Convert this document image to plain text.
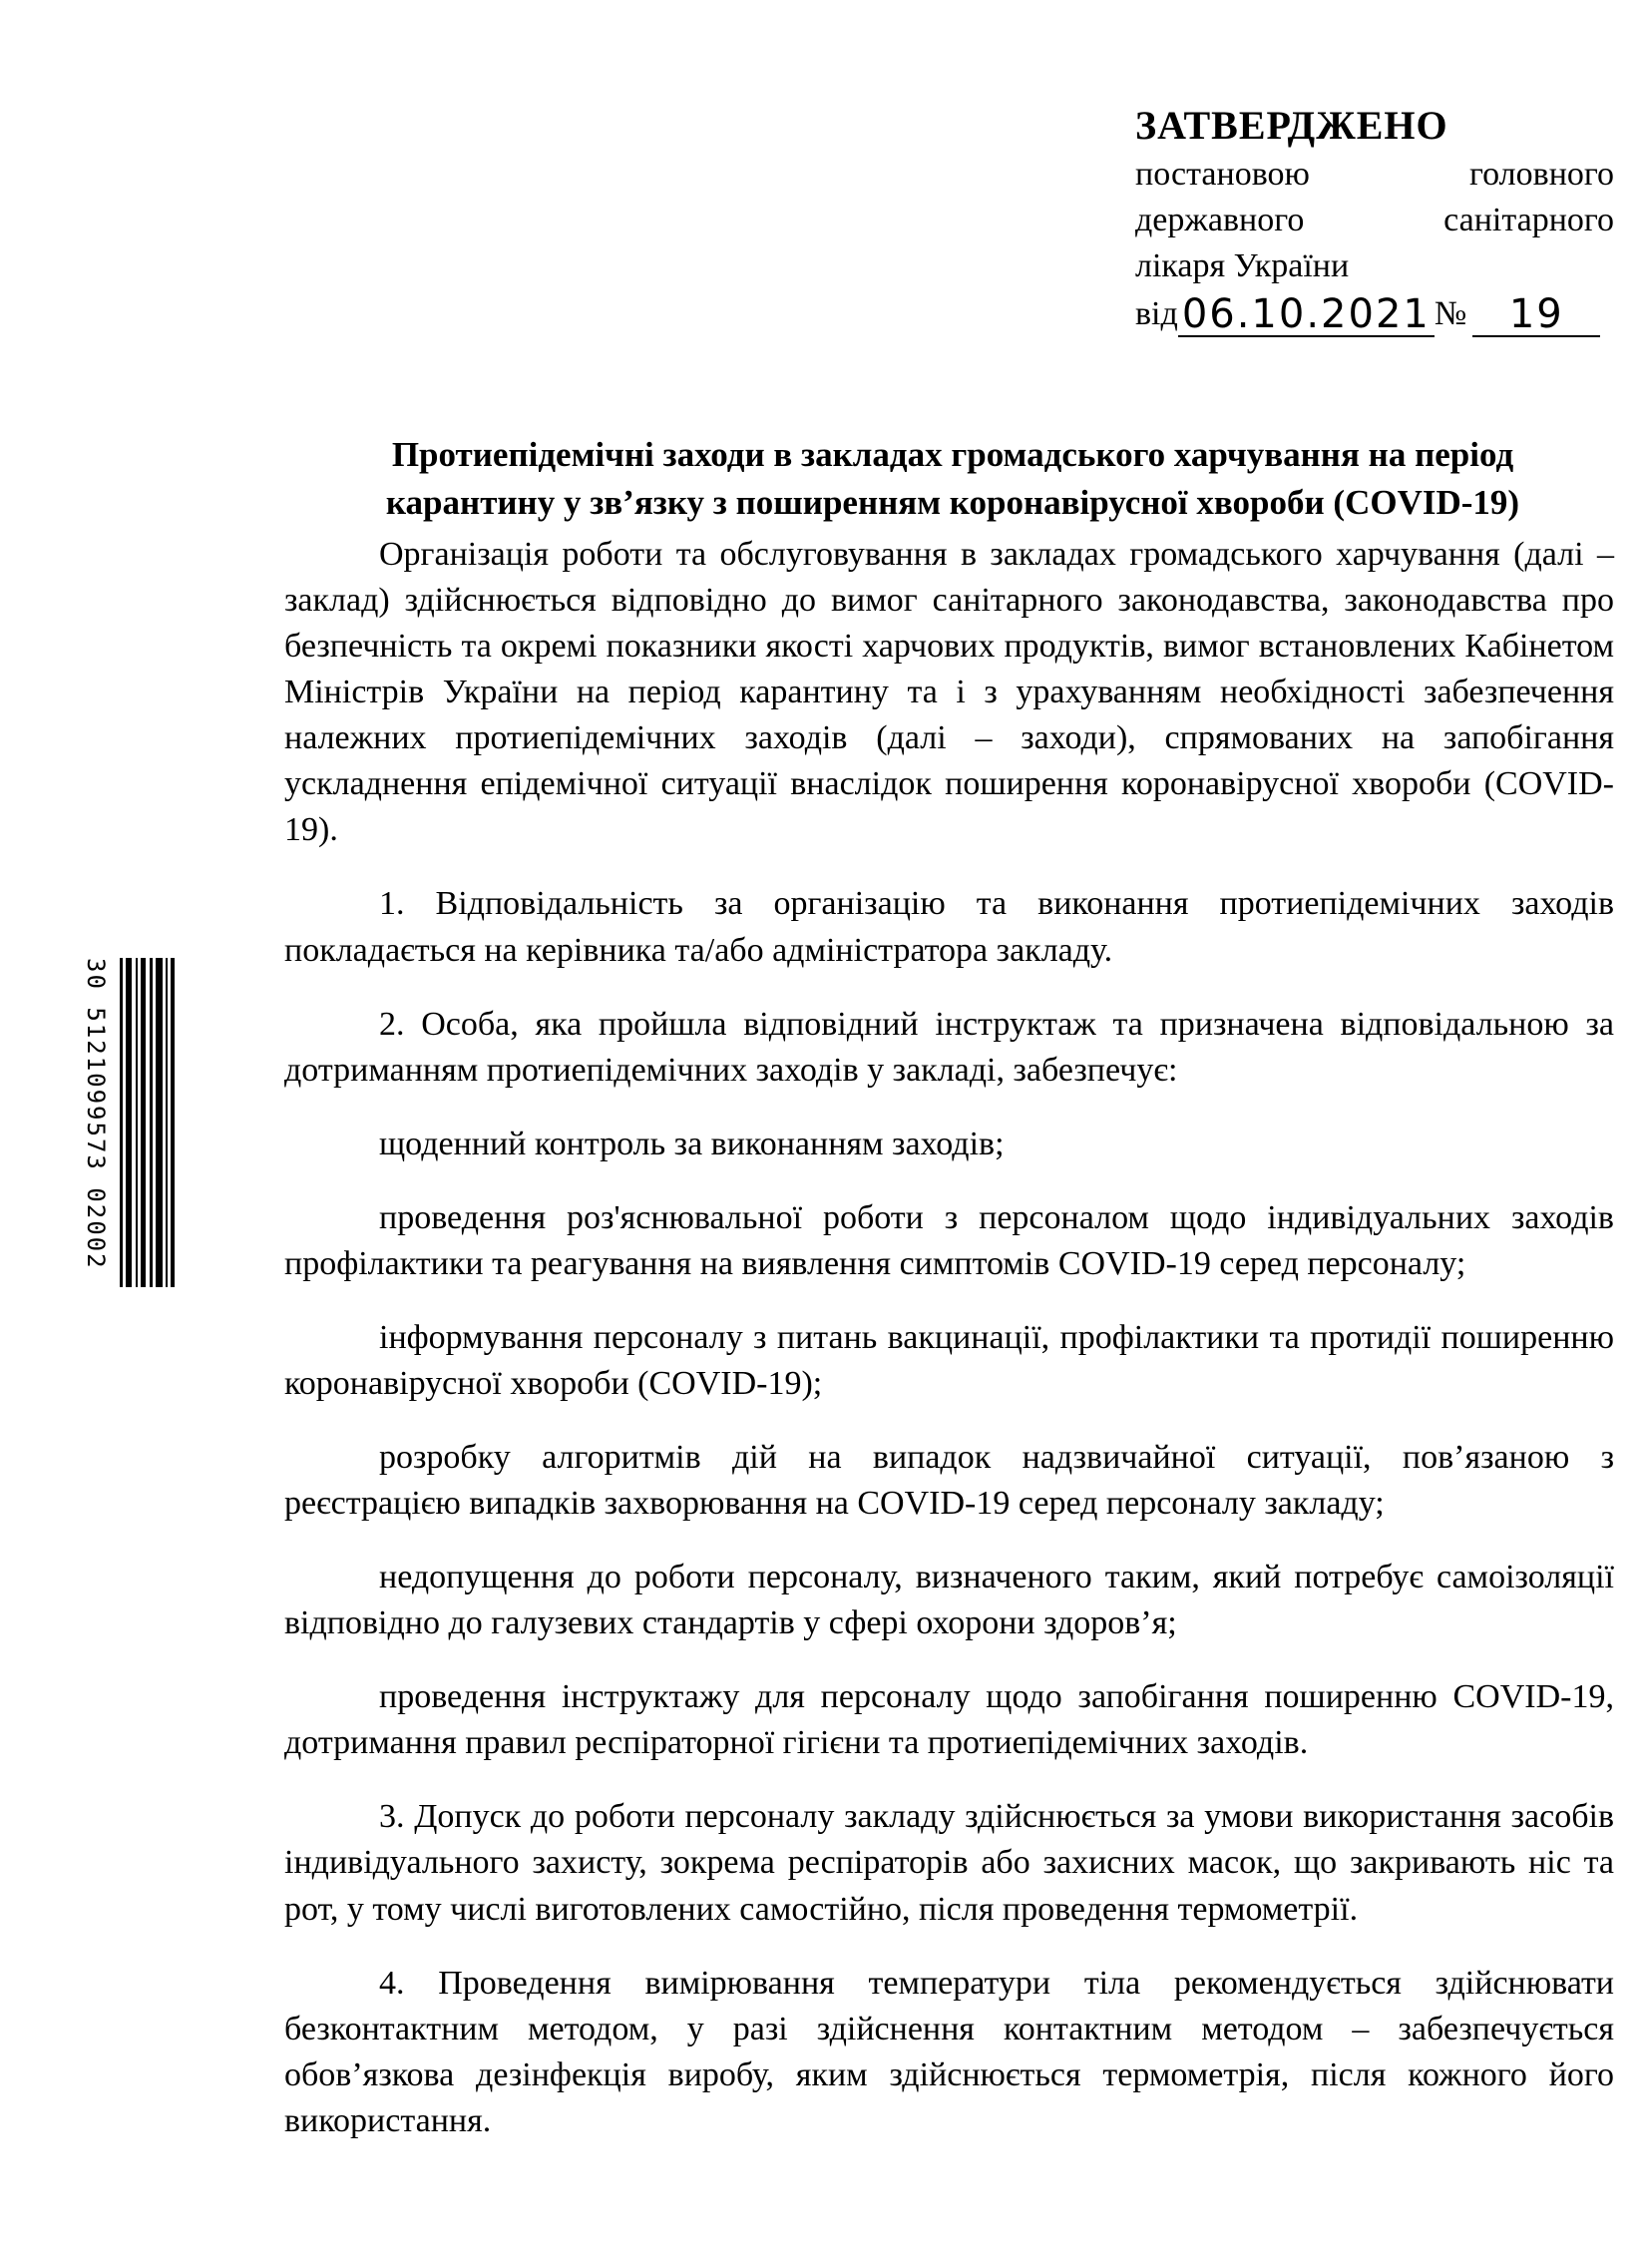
ЗАТВЕРДЖЕНО
постановою	головного
державного	санітарного
лікаря України
від 06.10.2021 №	19
Протиепідемічні заходи в закладах громадського харчування на період
карантину у зв’язку з поширенням коронавірусної хвороби (COVID-19)

Організація роботи та обслуговування в закладах громадського харчування (далі – заклад) здійснюється відповідно до вимог санітарного законодавства, законодавства про безпечність та окремі показники якості харчових продуктів, вимог встановлених Кабінетом Міністрів України на період карантину та і з урахуванням необхідності забезпечення належних протиепідемічних заходів (далі – заходи), спрямованих на запобігання ускладнення епідемічної ситуації внаслідок поширення коронавірусної хвороби (COVID-19).

1. Відповідальність за організацію та виконання протиепідемічних заходів покладається на керівника та/або адміністратора закладу.

2. Особа, яка пройшла відповідний інструктаж та призначена відповідальною за дотриманням протиепідемічних заходів у закладі, забезпечує:

щоденний контроль за виконанням заходів;

проведення роз'яснювальної роботи з персоналом щодо індивідуальних заходів профілактики та реагування на виявлення симптомів COVID-19 серед персоналу;

інформування персоналу з питань вакцинації, профілактики та протидії поширенню коронавірусної хвороби (COVID-19);

розробку алгоритмів дій на випадок надзвичайної ситуації, пов’язаною з реєстрацією випадків захворювання на COVID-19 серед персоналу закладу;

недопущення до роботи персоналу, визначеного таким, який потребує самоізоляції відповідно до галузевих стандартів у сфері охорони здоров’я;

проведення інструктажу для персоналу щодо запобігання поширенню COVID-19, дотримання правил респіраторної гігієни та протиепідемічних заходів.

3. Допуск до роботи персоналу закладу здійснюється за умови використання засобів індивідуального захисту, зокрема респіраторів або захисних масок, що закривають ніс та рот, у тому числі виготовлених самостійно, після проведення термометрії.

4. Проведення вимірювання температури тіла рекомендується здійснювати безконтактним методом, у разі здійснення контактним методом – забезпечується обов’язкова дезінфекція виробу, яким здійснюється термометрія, після кожного його використання.

30 5121099573 02002
